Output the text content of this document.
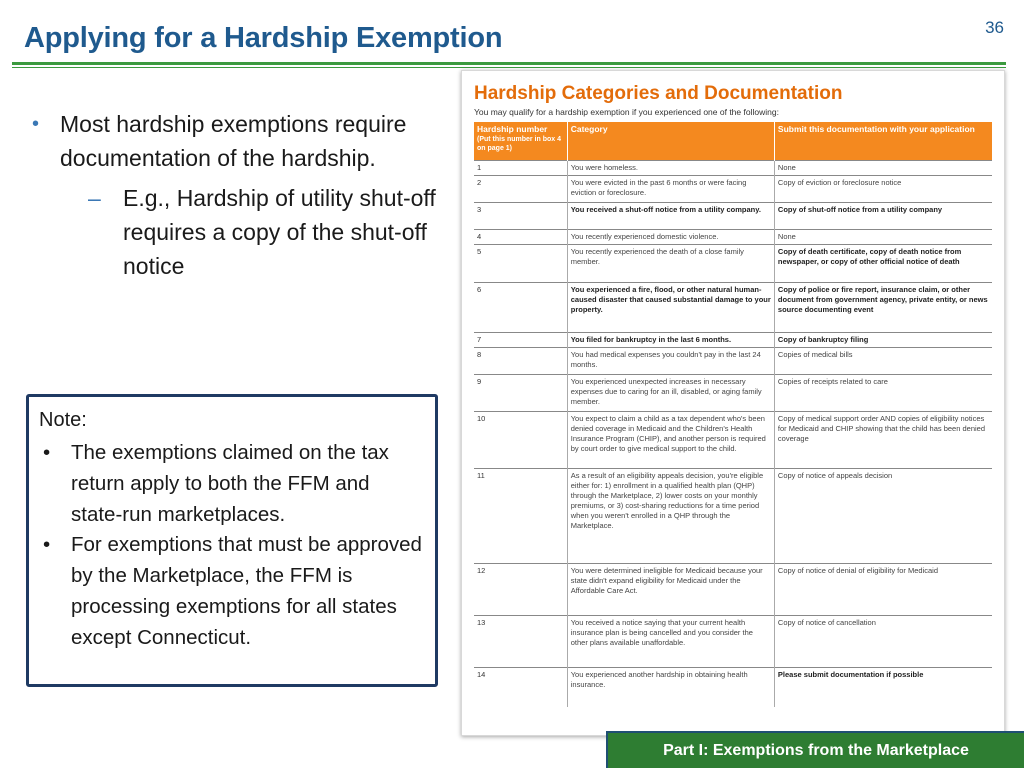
Applying for a Hardship Exemption	36
• Most hardship exemptions require documentation of the hardship.
– E.g., Hardship of utility shut-off requires a copy of the shut-off notice
Note:
• The exemptions claimed on the tax return apply to both the FFM and state-run marketplaces.
• For exemptions that must be approved by the Marketplace, the FFM is processing exemptions for all states except Connecticut.
Hardship Categories and Documentation
You may qualify for a hardship exemption if you experienced one of the following:
Hardship number
(Put this number in box 4 on page 1)	Category	Submit this documentation with your application
1	You were homeless.	None
2	You were evicted in the past 6 months or were facing eviction or foreclosure.	Copy of eviction or foreclosure notice
3	You received a shut-off notice from a utility company.	Copy of shut-off notice from a utility company
4	You recently experienced domestic violence.	None
5	You recently experienced the death of a close family member.	Copy of death certificate, copy of death notice from newspaper, or copy of other official notice of death
6	You experienced a fire, flood, or other natural human-caused disaster that caused substantial damage to your property.	Copy of police or fire report, insurance claim, or other document from government agency, private entity, or news source documenting event
7	You filed for bankruptcy in the last 6 months.	Copy of bankruptcy filing
8	You had medical expenses you couldn't pay in the last 24 months.	Copies of medical bills
9	You experienced unexpected increases in necessary expenses due to caring for an ill, disabled, or aging family member.	Copies of receipts related to care
10	You expect to claim a child as a tax dependent who's been denied coverage in Medicaid and the Children's Health Insurance Program (CHIP), and another person is required by court order to give medical support to the child.	Copy of medical support order AND copies of eligibility notices for Medicaid and CHIP showing that the child has been denied coverage
11	As a result of an eligibility appeals decision, you're eligible either for: 1) enrollment in a qualified health plan (QHP) through the Marketplace, 2) lower costs on your monthly premiums, or 3) cost-sharing reductions for a time period when you weren't enrolled in a QHP through the Marketplace.	Copy of notice of appeals decision
12	You were determined ineligible for Medicaid because your state didn't expand eligibility for Medicaid under the Affordable Care Act.	Copy of notice of denial of eligibility for Medicaid
13	You received a notice saying that your current health insurance plan is being cancelled and you consider the other plans available unaffordable.	Copy of notice of cancellation
14	You experienced another hardship in obtaining health insurance.	Please submit documentation if possible
Part I: Exemptions from the Marketplace
